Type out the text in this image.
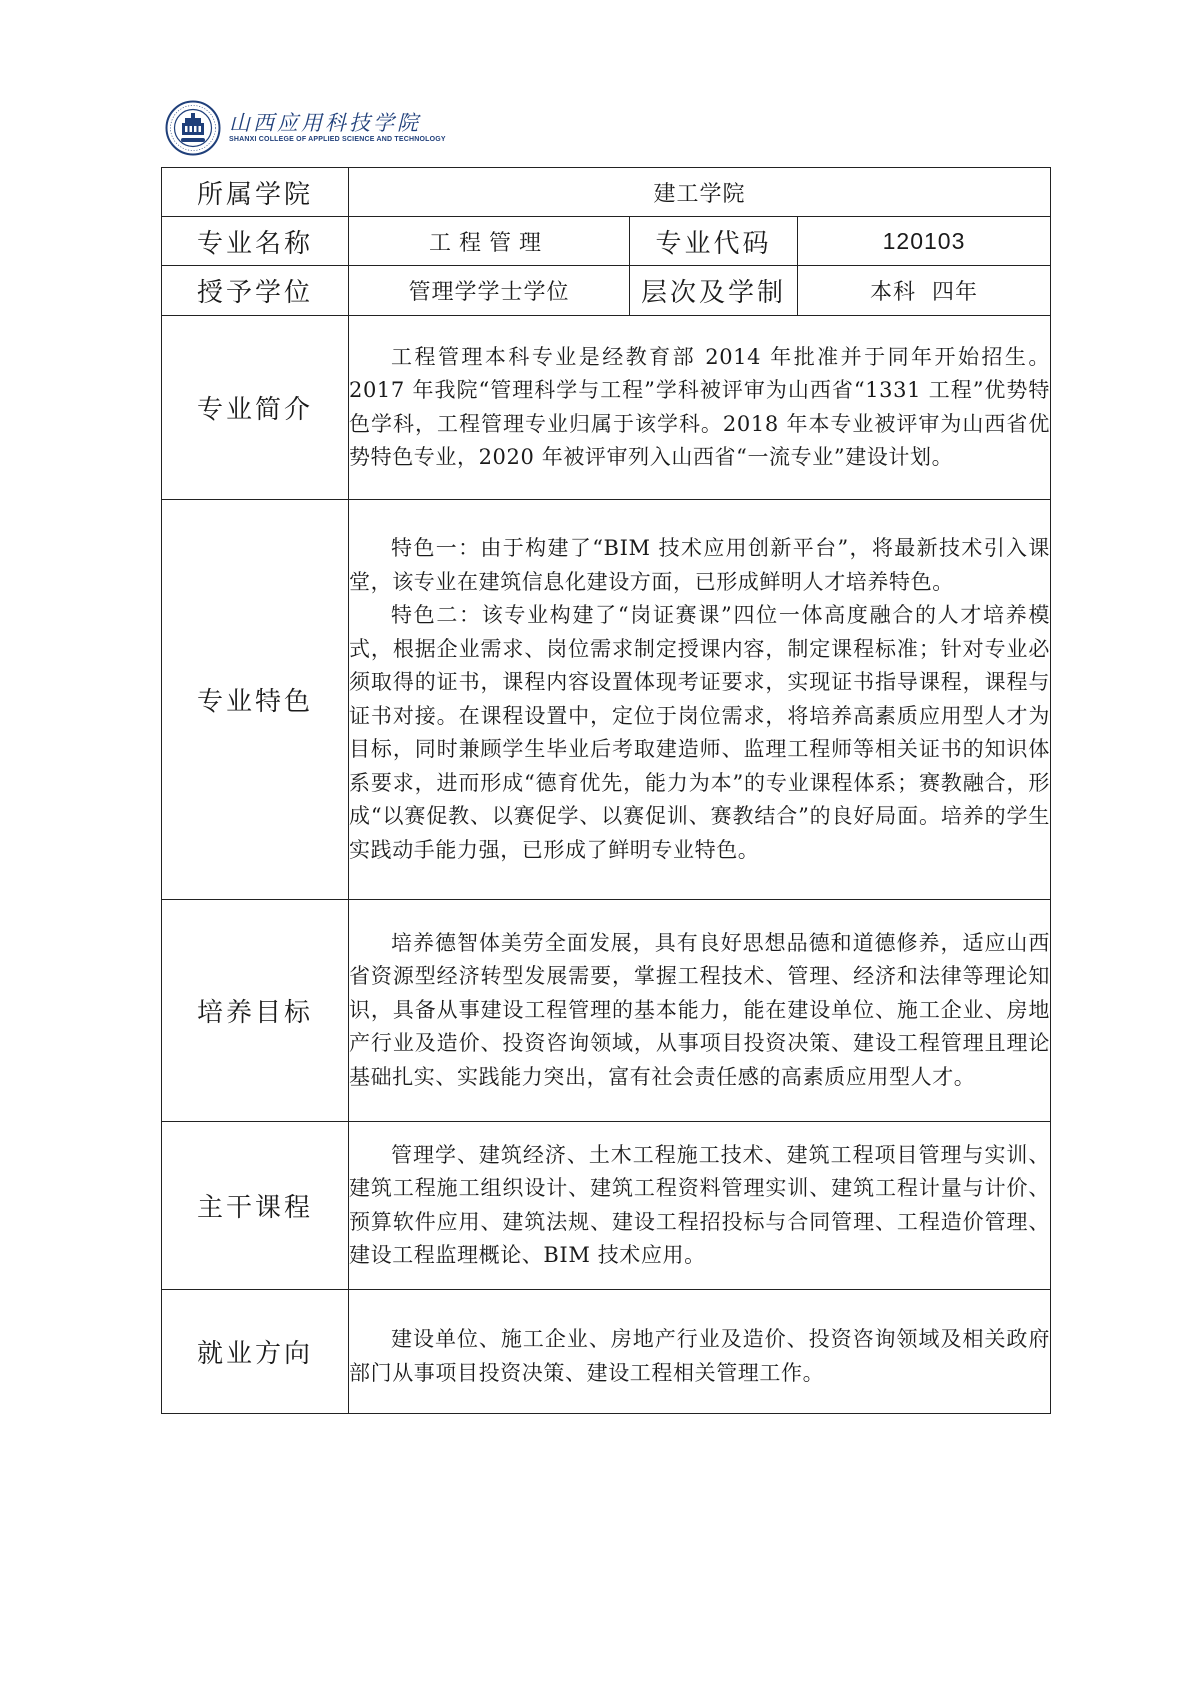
山西应用科技学院
SHANXI COLLEGE OF APPLIED SCIENCE AND TECHNOLOGY
所属学院	建工学院		
专业名称	工程管理	专业代码	120103
授予学位	管理学学士学位	层次及学制	本科  四年
专业简介	工程管理本科专业是经教育部 2014 年批准并于同年开始招生。2017 年我院“管理科学与工程”学科被评审为山西省“1331 工程”优势特色学科，工程管理专业归属于该学科。2018 年本专业被评审为山西省优势特色专业，2020 年被评审列入山西省“一流专业”建设计划。		

专业特色	特色一：由于构建了“BIM 技术应用创新平台”，将最新技术引入课堂，该专业在建筑信息化建设方面，已形成鲜明人才培养特色。
特色二：该专业构建了“岗证赛课”四位一体高度融合的人才培养模式，根据企业需求、岗位需求制定授课内容，制定课程标准；针对专业必须取得的证书，课程内容设置体现考证要求，实现证书指导课程，课程与证书对接。在课程设置中，定位于岗位需求，将培养高素质应用型人才为目标，同时兼顾学生毕业后考取建造师、监理工程师等相关证书的知识体系要求，进而形成“德育优先，能力为本”的专业课程体系；赛教融合，形成“以赛促教、以赛促学、以赛促训、赛教结合”的良好局面。培养的学生实践动手能力强，已形成了鲜明专业特色。		

培养目标	培养德智体美劳全面发展，具有良好思想品德和道德修养，适应山西省资源型经济转型发展需要，掌握工程技术、管理、经济和法律等理论知识，具备从事建设工程管理的基本能力，能在建设单位、施工企业、房地产行业及造价、投资咨询领域，从事项目投资决策、建设工程管理且理论基础扎实、实践能力突出，富有社会责任感的高素质应用型人才。		

主干课程	管理学、建筑经济、土木工程施工技术、建筑工程项目管理与实训、建筑工程施工组织设计、建筑工程资料管理实训、建筑工程计量与计价、预算软件应用、建筑法规、建设工程招投标与合同管理、工程造价管理、建设工程监理概论、BIM 技术应用。		

就业方向	建设单位、施工企业、房地产行业及造价、投资咨询领域及相关政府部门从事项目投资决策、建设工程相关管理工作。		
